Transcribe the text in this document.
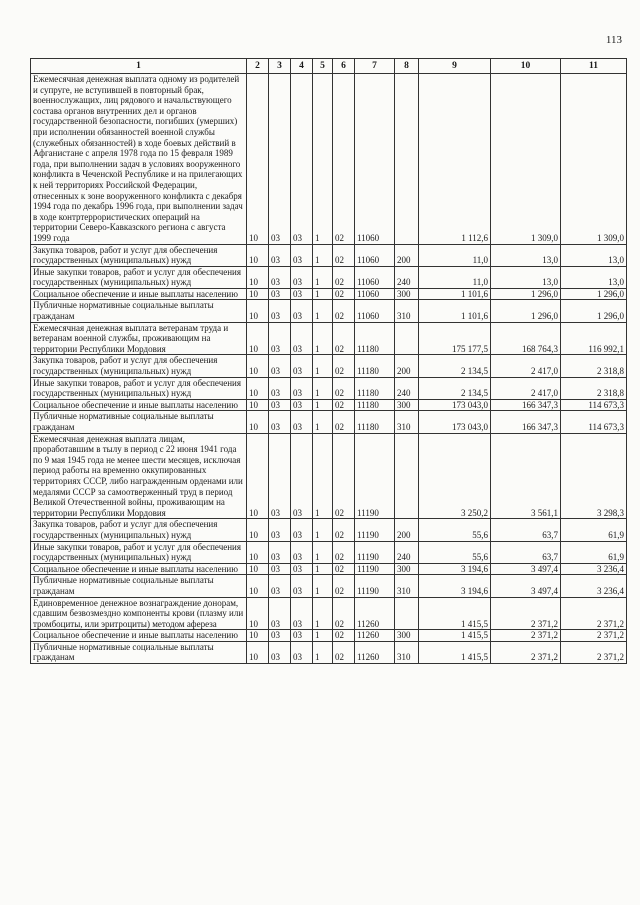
113
1	2	3	4	5	6	7	8	9	10	11
Ежемесячная денежная выплата одному из родителей и супруге, не вступившей в повторный брак, военнослужащих, лиц рядового и начальствующего состава органов внутренних дел и органов государственной безопасности, погибших (умерших) при исполнении обязанностей военной службы (служебных обязанностей) в ходе боевых действий в Афганистане с апреля 1978 года по 15 февраля 1989 года, при выполнении задач в условиях вооруженного конфликта в Чеченской Республике и на прилегающих к ней территориях Российской Федерации, отнесенных к зоне вооруженного конфликта с декабря 1994 года по декабрь 1996 года, при выполнении задач в ходе контртеррористических операций на территории Северо-Кавказского региона с августа 1999 года	10	03	03	1	02	11060		1 112,6	1 309,0	1 309,0
Закупка товаров, работ и услуг для обеспечения государственных (муниципальных) нужд	10	03	03	1	02	11060	200	11,0	13,0	13,0
Иные закупки товаров, работ и услуг для обеспечения государственных (муниципальных) нужд	10	03	03	1	02	11060	240	11,0	13,0	13,0
Социальное обеспечение и иные выплаты населению	10	03	03	1	02	11060	300	1 101,6	1 296,0	1 296,0
Публичные нормативные социальные выплаты гражданам	10	03	03	1	02	11060	310	1 101,6	1 296,0	1 296,0
Ежемесячная денежная выплата ветеранам труда и ветеранам военной службы, проживающим на территории Республики Мордовия	10	03	03	1	02	11180		175 177,5	168 764,3	116 992,1
Закупка товаров, работ и услуг для обеспечения государственных (муниципальных) нужд	10	03	03	1	02	11180	200	2 134,5	2 417,0	2 318,8
Иные закупки товаров, работ и услуг для обеспечения государственных (муниципальных) нужд	10	03	03	1	02	11180	240	2 134,5	2 417,0	2 318,8
Социальное обеспечение и иные выплаты населению	10	03	03	1	02	11180	300	173 043,0	166 347,3	114 673,3
Публичные нормативные социальные выплаты гражданам	10	03	03	1	02	11180	310	173 043,0	166 347,3	114 673,3
Ежемесячная денежная выплата лицам, проработавшим в тылу в период с 22 июня 1941 года по 9 мая 1945 года не менее шести месяцев, исключая период работы на временно оккупированных территориях СССР, либо награжденным орденами или медалями СССР за самоотверженный труд в период Великой Отечественной войны, проживающим на территории Республики Мордовия	10	03	03	1	02	11190		3 250,2	3 561,1	3 298,3
Закупка товаров, работ и услуг для обеспечения государственных (муниципальных) нужд	10	03	03	1	02	11190	200	55,6	63,7	61,9
Иные закупки товаров, работ и услуг для обеспечения государственных (муниципальных) нужд	10	03	03	1	02	11190	240	55,6	63,7	61,9
Социальное обеспечение и иные выплаты населению	10	03	03	1	02	11190	300	3 194,6	3 497,4	3 236,4
Публичные нормативные социальные выплаты гражданам	10	03	03	1	02	11190	310	3 194,6	3 497,4	3 236,4
Единовременное денежное вознаграждение донорам, сдавшим безвозмездно компоненты крови (плазму или тромбоциты, или эритроциты) методом афереза	10	03	03	1	02	11260		1 415,5	2 371,2	2 371,2
Социальное обеспечение и иные выплаты населению	10	03	03	1	02	11260	300	1 415,5	2 371,2	2 371,2
Публичные нормативные социальные выплаты гражданам	10	03	03	1	02	11260	310	1 415,5	2 371,2	2 371,2
